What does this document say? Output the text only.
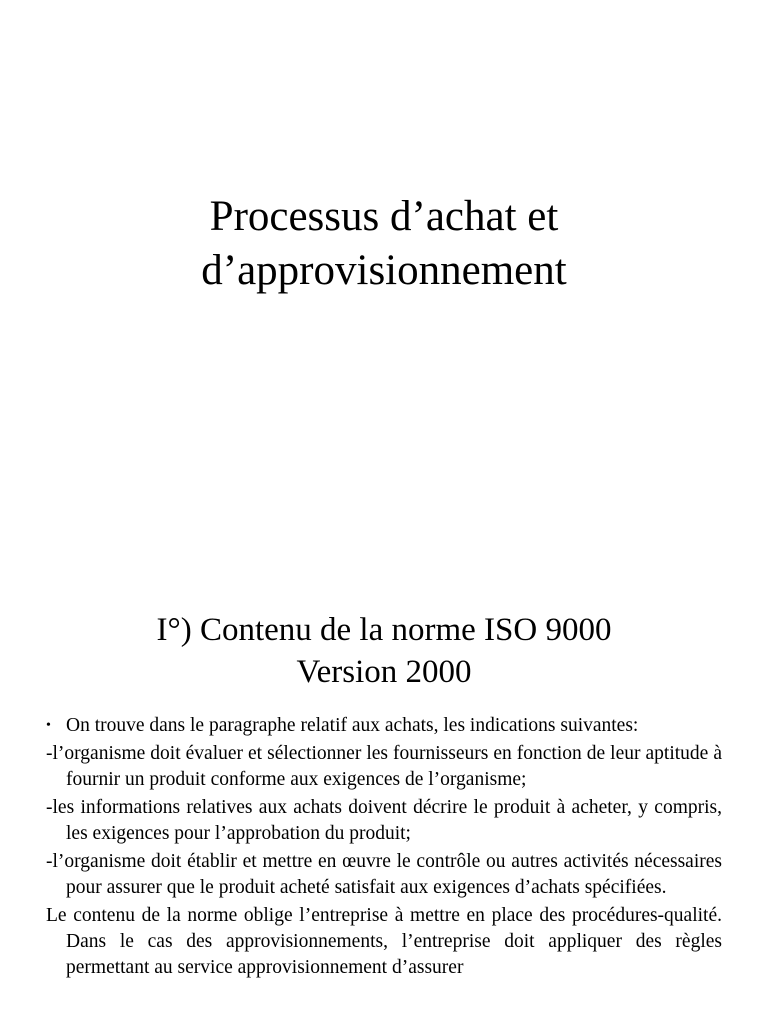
Processus d’achat et
d’approvisionnement
I°) Contenu de la norme ISO 9000
Version 2000

• On trouve dans le paragraphe relatif aux achats, les indications suivantes:

-l’organisme doit évaluer et sélectionner les fournisseurs en fonction de leur aptitude à fournir un produit conforme aux exigences de l’organisme;

-les informations relatives aux achats doivent décrire le produit à acheter, y compris, les exigences pour l’approbation du produit;

-l’organisme doit établir et mettre en œuvre le contrôle ou autres activités nécessaires pour assurer que le produit acheté satisfait aux exigences d’achats spécifiées.

Le contenu de la norme oblige l’entreprise à mettre en place des procédures-qualité. Dans le cas des approvisionnements, l’entreprise doit appliquer des règles permettant au service approvisionnement d’assurer
